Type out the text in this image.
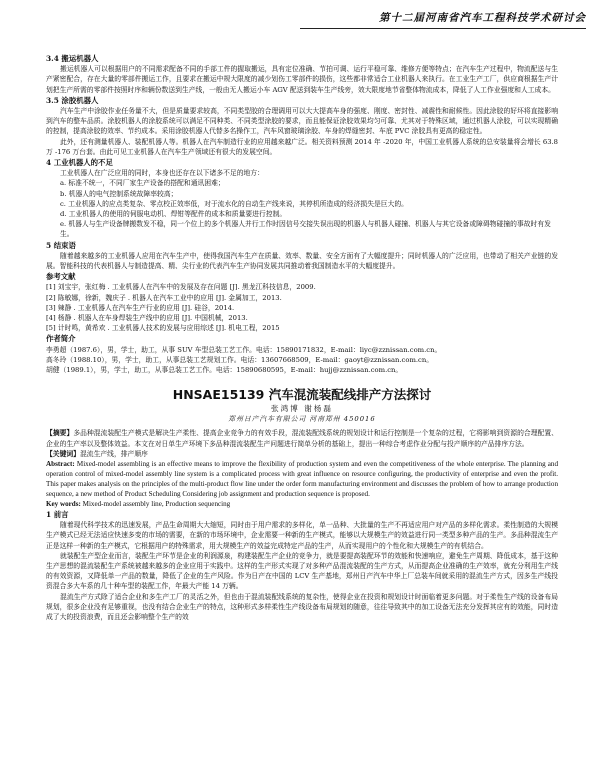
第十二届河南省汽车工程科技学术研讨会
3.4 搬运机器人

搬运机器人可以根据用户的不同需求配备不同的手部工件的握取搬运，具有定位准确、节拍可调、运行平稳可靠、维修方便等特点；在汽车生产过程中，物流配送与生产紧密配合，存在大量的零部件搬运工作，且要求在搬运中规大限度的减少划伤工零部件的损伤，这些都非常适合工业机器人来执行。在工业生产工厂，供应商根据生产计划把生产所需的零部件按照时序和辆份数送到生产线，一般由无人搬运小车 AGV 配送到装车生产线旁，效大限度地节省整体物流成本，降低了人工作业强度和人工成本。

3.5 涂胶机器人

汽车生产中涂胶作业任务量不大，但是质量要求较高，不同类型胶的合理调用可以大大提高车身的强度、刚度、密封性、减震性和耐候性。因此涂胶的好坏将直接影响到汽车的整车品质。涂胶机器人的涂胶系统可以满足不同种类、不同类型涂胶的要求，而且能保证涂胶效果均匀可靠、尤其对于特殊区域，通过机器人涂胶，可以实现精确的控制，提高涂胶的效率、节约成本。采用涂胶机器人代替多名操作工，汽车风窗玻璃涂胶、车身的焊缝密封、车底 PVC 涂胶具有更高的稳定性。

此外，还有测量机器人、装配机器人等。机器人在汽车制造行业的应用越来越广泛。相关资料预测 2014 年 -2020 年，中国工业机器人系统的总安装量将会增长 63.8 万 -176 万台套。由此可见工业机器人在汽车生产领域还有很大的发展空间。

4 工业机器人的不足

工业机器人在广泛应用的同时，本身也还存在以下诸多不足的地方：

a. 标准不统一，不同厂家生产设备的搭配和通讯困难；
b. 机器人的电气控制系统故障率较高；
c. 工业机器人的应点类复杂、零点校正效率低，对于流水化的自动生产线来说，其停机所造成的经济损失是巨大的。
d. 工业机器人的使用的伺服电动机、焊钳等配件的成本和质量要进行控制。
e. 机器人与生产设备牌搬数发不稳，同一个位上的多个机器人并行工作时因信号交接失误出现的机器人与机器人碰撞、机器人与其它设备或障碍物碰撞的事故时有发生。
5 结束语

随着越来越多的工业机器人应用在汽车生产中，使得我国汽车生产在质量、效率、数量、安全方面有了大幅度提升；同时机器人的广泛应用，也带动了相关产业链的发展。智能科技的代表机器人与制造提高、精、尖行业的代表汽车生产协同发展共同推动着我国制造水平的大幅度提升。

参考文献
[1] 刘宝宇，张红梅 . 工业机器人在汽车中的发展及存在问题 [J]. 黑龙江科技信息，2009.
[2] 陈敏娜，徐新，魏庆子 . 机器人在汽车工业中的应用 [J]. 金属加工，2013.
[3] 辣静 . 工业机器人在汽车生产行业的应用 [J]. 硅谷，2014.
[4] 杨静 . 机器人在车身焊装生产线中的应用 [J]. 中国机械，2013.
[5] 计时鸣，黄希欢 . 工业机器人技术的发展与应用综述 [J]. 机电工程，2015
作者简介
李勇超（1987.6），男，学士，助工，从事 SUV 车型总装工艺工作。电话：15890171832，E-mail：liyc@zznissan.com.cn。
高冬玲（1988.10），男，学士，助工，从事总装工艺规划工作。电话：13607668509，E-mail：gaoyt@zznissan.com.cn。
胡健（1989.1），男，学士，助工，从事总装工艺工作。电话：15890680595，E-mail：hujj@zznissan.com.cn。
HNSAE15139 汽车混流装配线排产方法探讨
张鸿博 谢杨磊
郑州日产汽车有限公司 河南郑州 450016

【摘要】多品种混流装配生产模式是解决生产柔性、提高企业竞争力的有效手段，混流装配线系统的规划设计和运行控制是一个复杂的过程，它将影响到资源的合理配置、企业的生产率以及整体效益。本文在对日单生产环境下多品种混流装配生产问题进行简单分析的基础上，提出一种综合考虑作业分配与投产顺序的产品排序方法。

【关键词】混流生产线，排产顺序

Abstract: Mixed-model assembling is an effective means to improve the flexibility of production system and even the competitiveness of the whole enterprise. The planning and operation control of mixed-model assembly line system is a complicated process with great influence on resource configuring, the productivity of enterprise and even the profit. This paper makes analysis on the principles of the multi-product flow line under the order form manufacturing environment and discusses the problem of how to arrange production sequence, a new method of Product Scheduling Considering job assignment and production sequence is proposed.

Key words: Mixed-model assembly line, Production sequencing

1 前言

随着现代科学技术的迅速发展，产品生命周期大大缩短，同时由于用户需求的多样化，单一品种、大批量的生产不再适应用户对产品的多样化需求。柔性制造的大规模生产模式已经无法适应快速多变的市场的需要，在新的市场环境中，企业需要一种新的生产模式，能够以大规模生产的效益进行同一类型多种产品的生产。多品种混流生产正是这样一种新的生产模式，它根据用户的特殊需求，用大规模生产的效益完成特定产品的生产，从而实现用户的个性化和大规模生产的有机结合。

就装配生产型企业而言，装配生产环节是企业的利润源泉，构建装配生产企业的竞争力，就是要提高装配环节的效能和快速响应，避免生产周期、降低成本，基于这种生产思想的混流装配生产系统被越来越多的企业应用于实践中。这样的生产形式实现了对多种产品混流装配的生产方式，从而提高企业准确的生产效率，就充分利用生产线的有效资源，又降低单一产品的数量，降低了企业的生产风险。作为日产在中国的 LCV 生产基地，郑州日产汽车中华上厂总装车间就采用的混流生产方式，因多生产线投资混合多大车系的几十种车型的装配工作，年最大产能 14 万辆。

混流生产方式除了适合企业和多生产工厂的灵活之外，但也由于混流装配线系统的复杂性，使得企业在投资和规划设计时面临着更多问题。对于柔性生产线的设备布局规划，很多企业没有足够重视，也没有结合企业生产的特点，这种形式多样柔性生产线设备布局规划的随意，往往导致其中的加工设备无法充分发挥其应有的效能，同时造成了大的投资浪费，而且还会影响整个生产的效
